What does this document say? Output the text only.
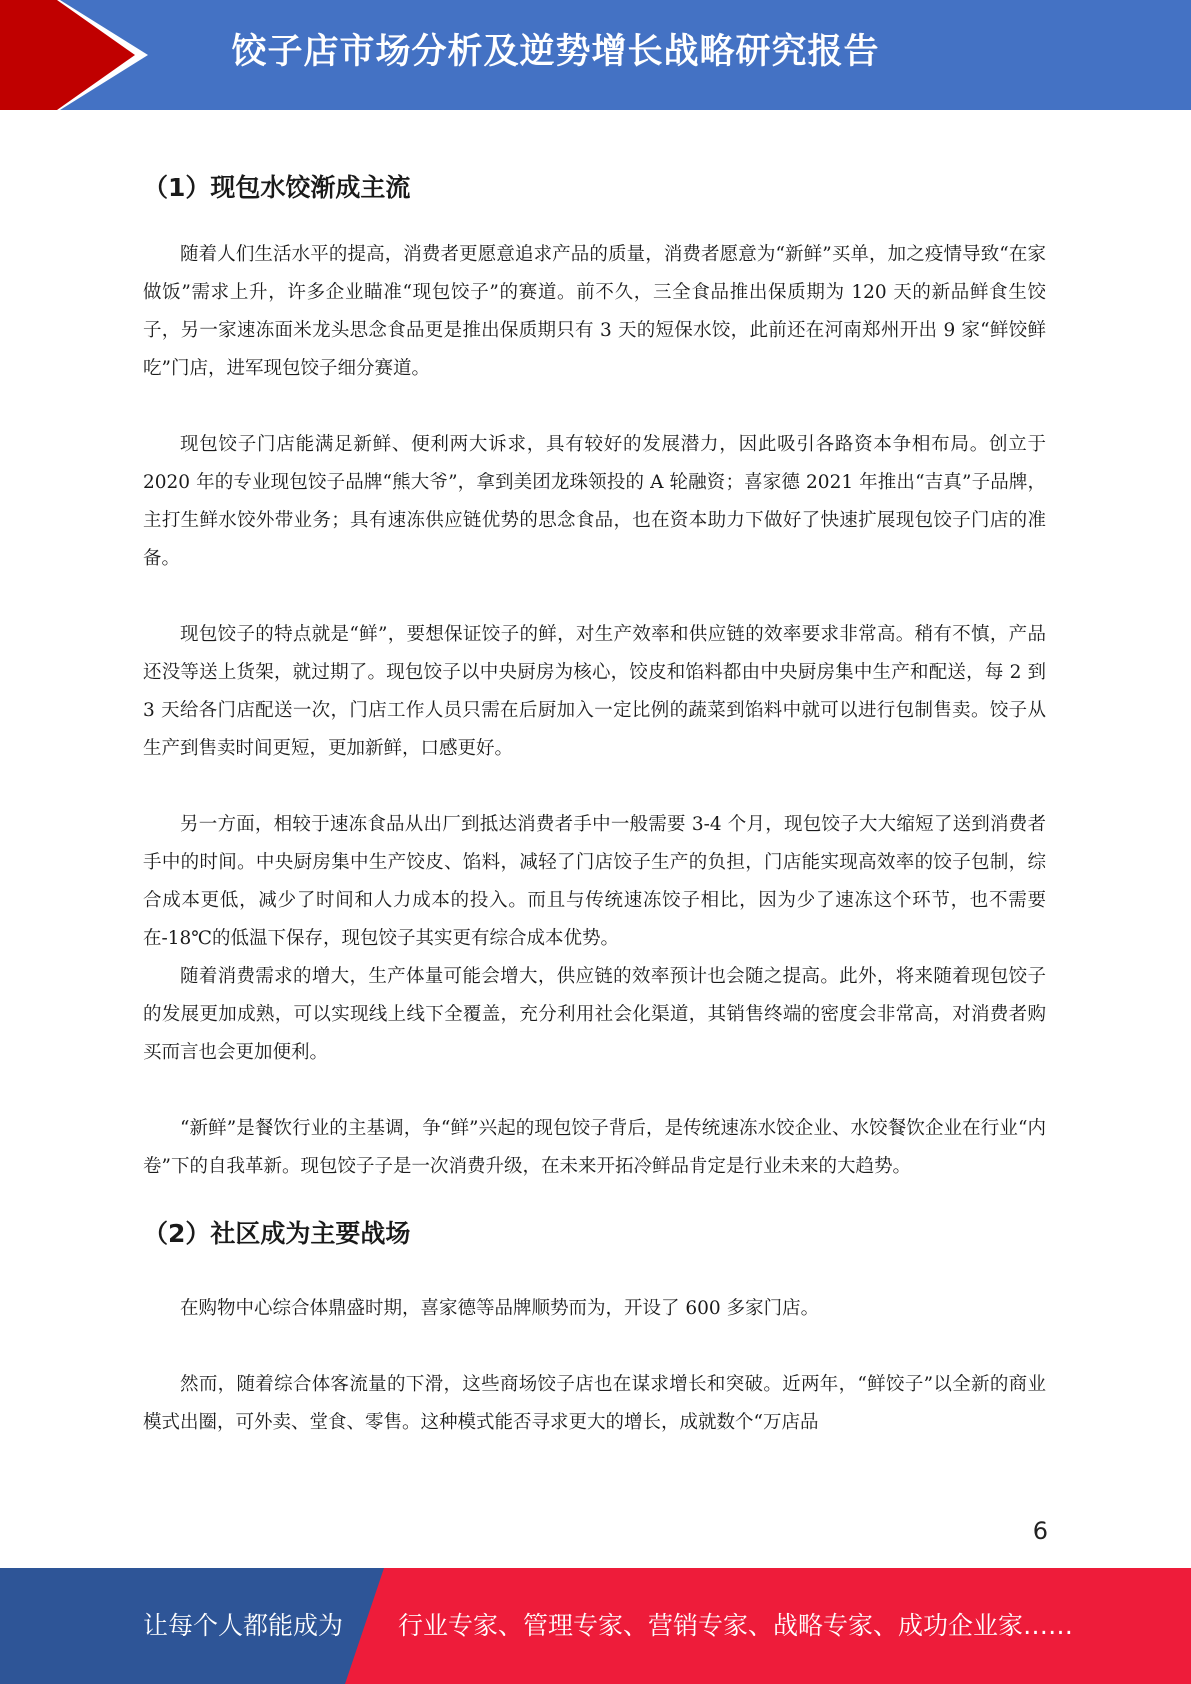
饺子店市场分析及逆势增长战略研究报告
（1）现包水饺渐成主流

随着人们生活水平的提高，消费者更愿意追求产品的质量，消费者愿意为“新鲜”买单，加之疫情导致“在家做饭”需求上升，许多企业瞄准“现包饺子”的赛道。前不久，三全食品推出保质期为 120 天的新品鲜食生饺子，另一家速冻面米龙头思念食品更是推出保质期只有 3 天的短保水饺，此前还在河南郑州开出 9 家“鲜饺鲜吃”门店，进军现包饺子细分赛道。

现包饺子门店能满足新鲜、便利两大诉求，具有较好的发展潜力，因此吸引各路资本争相布局。创立于 2020 年的专业现包饺子品牌“熊大爷”，拿到美团龙珠领投的 A 轮融资；喜家德 2021 年推出“吉真”子品牌，主打生鲜水饺外带业务；具有速冻供应链优势的思念食品，也在资本助力下做好了快速扩展现包饺子门店的准备。

现包饺子的特点就是“鲜”，要想保证饺子的鲜，对生产效率和供应链的效率要求非常高。稍有不慎，产品还没等送上货架，就过期了。现包饺子以中央厨房为核心，饺皮和馅料都由中央厨房集中生产和配送，每 2 到 3 天给各门店配送一次，门店工作人员只需在后厨加入一定比例的蔬菜到馅料中就可以进行包制售卖。饺子从生产到售卖时间更短，更加新鲜，口感更好。

另一方面，相较于速冻食品从出厂到抵达消费者手中一般需要 3-4 个月，现包饺子大大缩短了送到消费者手中的时间。中央厨房集中生产饺皮、馅料，减轻了门店饺子生产的负担，门店能实现高效率的饺子包制，综合成本更低，减少了时间和人力成本的投入。而且与传统速冻饺子相比，因为少了速冻这个环节，也不需要在-18℃的低温下保存，现包饺子其实更有综合成本优势。

随着消费需求的增大，生产体量可能会增大，供应链的效率预计也会随之提高。此外，将来随着现包饺子的发展更加成熟，可以实现线上线下全覆盖，充分利用社会化渠道，其销售终端的密度会非常高，对消费者购买而言也会更加便利。

“新鲜”是餐饮行业的主基调，争“鲜”兴起的现包饺子背后，是传统速冻水饺企业、水饺餐饮企业在行业“内卷”下的自我革新。现包饺子子是一次消费升级，在未来开拓冷鲜品肯定是行业未来的大趋势。

（2）社区成为主要战场

在购物中心综合体鼎盛时期，喜家德等品牌顺势而为，开设了 600 多家门店。

然而，随着综合体客流量的下滑，这些商场饺子店也在谋求增长和突破。近两年，“鲜饺子”以全新的商业模式出圈，可外卖、堂食、零售。这种模式能否寻求更大的增长，成就数个“万店品

6
让每个人都能成为 行业专家、管理专家、营销专家、战略专家、成功企业家……
